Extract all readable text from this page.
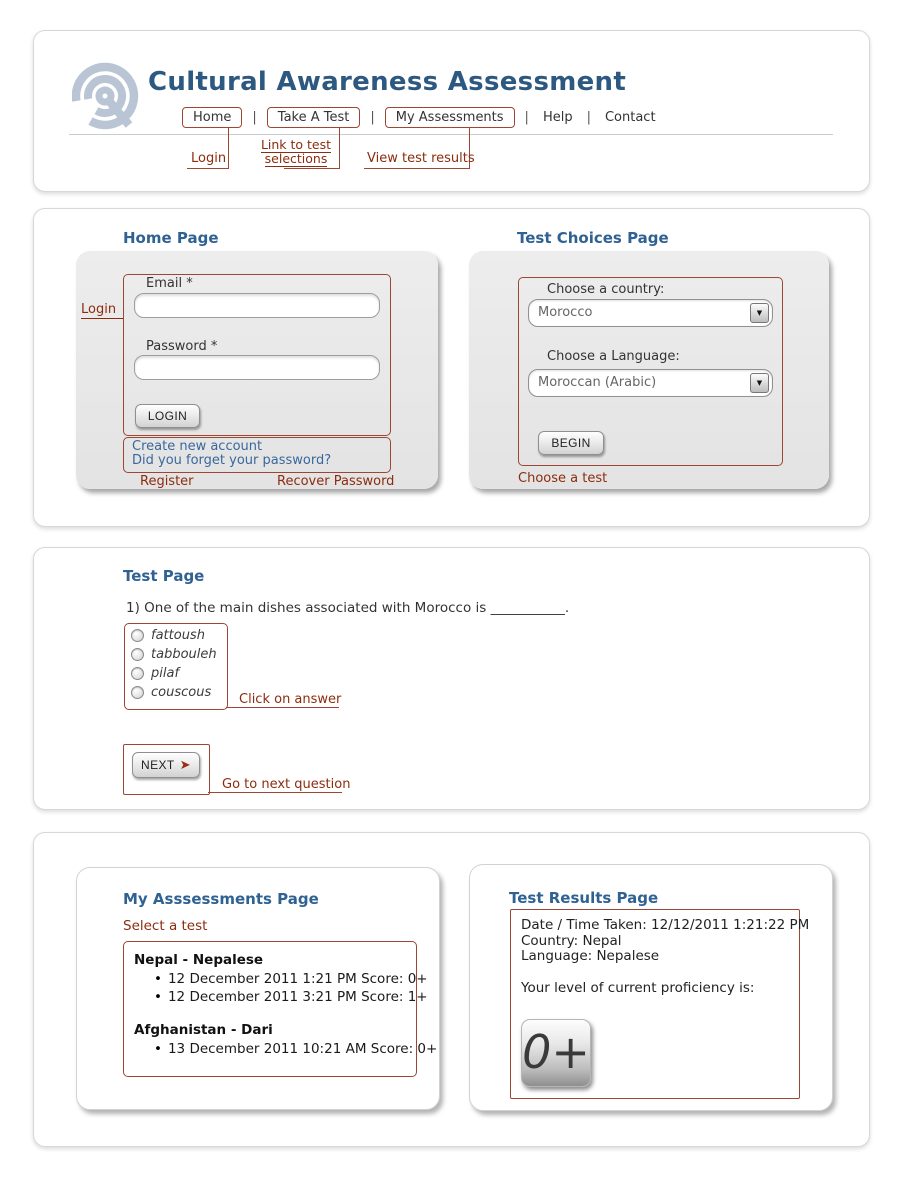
Cultural Awareness Assessment
Home	|	Take A Test	|	My Assessments	|	Help	|	Contact
Login
Link to test
selections	View test results
Home Page
Login
Email *
Password *
LOGIN
Create new account
Did you forget your password?
Register	Recover Password
Test Choices Page
Choose a country:
Morocco	▼
Choose a Language:
Moroccan (Arabic)	▼
BEGIN
Choose a test
Test Page
1) One of the main dishes associated with Morocco is ___________.
fattoush
tabbouleh
pilaf
couscous Click on answer
NEXT ➤
Go to next question
My Asssessments Page
Select a test
Nepal - Nepalese
• 12 December 2011 1:21 PM Score: 0+
• 12 December 2011 3:21 PM Score: 1+
Afghanistan - Dari
• 13 December 2011 10:21 AM Score: 0+
Test Results Page
Date / Time Taken: 12/12/2011 1:21:22 PM
Country: Nepal
Language: Nepalese
Your level of current proficiency is:
0+
